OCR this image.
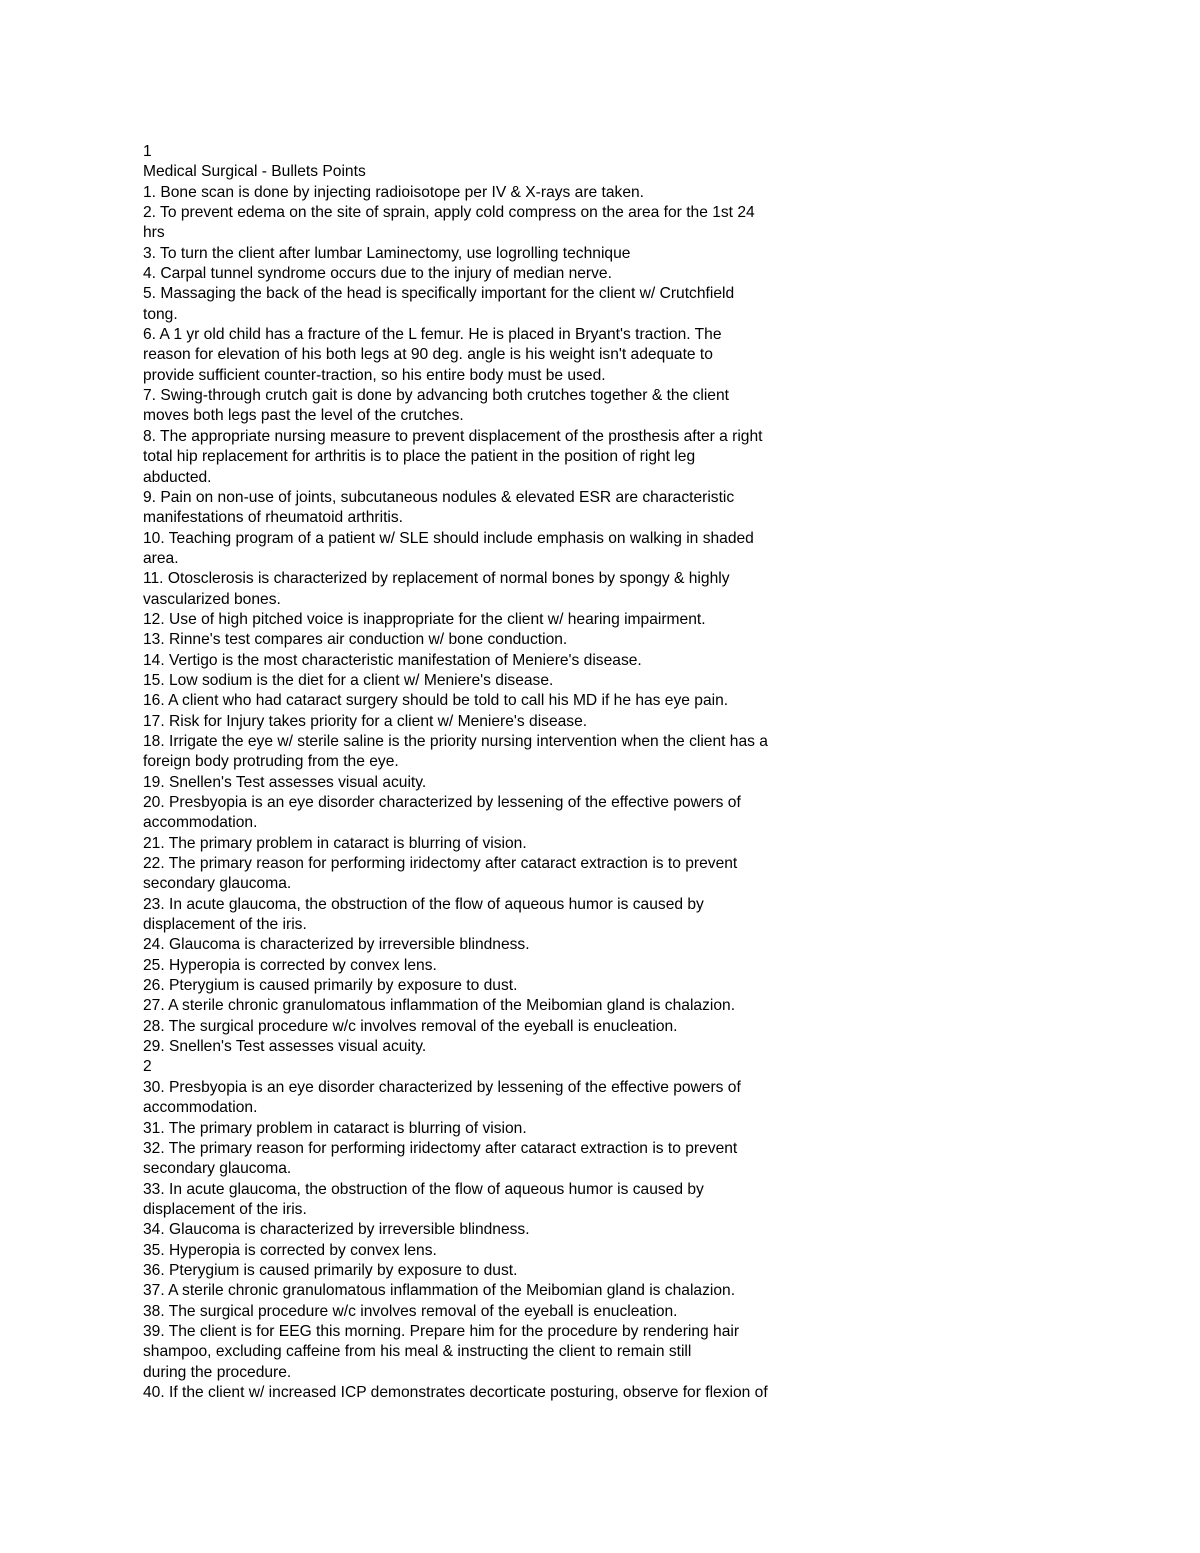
1
Medical Surgical - Bullets Points
1. Bone scan is done by injecting radioisotope per IV & X-rays are taken.
2. To prevent edema on the site of sprain, apply cold compress on the area for the 1st 24
hrs
3. To turn the client after lumbar Laminectomy, use logrolling technique
4. Carpal tunnel syndrome occurs due to the injury of median nerve.
5. Massaging the back of the head is specifically important for the client w/ Crutchfield
tong.
6. A 1 yr old child has a fracture of the L femur. He is placed in Bryant's traction. The
reason for elevation of his both legs at 90 deg. angle is his weight isn't adequate to
provide sufficient counter-traction, so his entire body must be used.
7. Swing-through crutch gait is done by advancing both crutches together & the client
moves both legs past the level of the crutches.
8. The appropriate nursing measure to prevent displacement of the prosthesis after a right
total hip replacement for arthritis is to place the patient in the position of right leg
abducted.
9. Pain on non-use of joints, subcutaneous nodules & elevated ESR are characteristic
manifestations of rheumatoid arthritis.
10. Teaching program of a patient w/ SLE should include emphasis on walking in shaded
area.
11. Otosclerosis is characterized by replacement of normal bones by spongy & highly
vascularized bones.
12. Use of high pitched voice is inappropriate for the client w/ hearing impairment.
13. Rinne's test compares air conduction w/ bone conduction.
14. Vertigo is the most characteristic manifestation of Meniere's disease.
15. Low sodium is the diet for a client w/ Meniere's disease.
16. A client who had cataract surgery should be told to call his MD if he has eye pain.
17. Risk for Injury takes priority for a client w/ Meniere's disease.
18. Irrigate the eye w/ sterile saline is the priority nursing intervention when the client has a
foreign body protruding from the eye.
19. Snellen's Test assesses visual acuity.
20. Presbyopia is an eye disorder characterized by lessening of the effective powers of
accommodation.
21. The primary problem in cataract is blurring of vision.
22. The primary reason for performing iridectomy after cataract extraction is to prevent
secondary glaucoma.
23. In acute glaucoma, the obstruction of the flow of aqueous humor is caused by
displacement of the iris.
24. Glaucoma is characterized by irreversible blindness.
25. Hyperopia is corrected by convex lens.
26. Pterygium is caused primarily by exposure to dust.
27. A sterile chronic granulomatous inflammation of the Meibomian gland is chalazion.
28. The surgical procedure w/c involves removal of the eyeball is enucleation.
29. Snellen's Test assesses visual acuity.
2
30. Presbyopia is an eye disorder characterized by lessening of the effective powers of
accommodation.
31. The primary problem in cataract is blurring of vision.
32. The primary reason for performing iridectomy after cataract extraction is to prevent
secondary glaucoma.
33. In acute glaucoma, the obstruction of the flow of aqueous humor is caused by
displacement of the iris.
34. Glaucoma is characterized by irreversible blindness.
35. Hyperopia is corrected by convex lens.
36. Pterygium is caused primarily by exposure to dust.
37. A sterile chronic granulomatous inflammation of the Meibomian gland is chalazion.
38. The surgical procedure w/c involves removal of the eyeball is enucleation.
39. The client is for EEG this morning. Prepare him for the procedure by rendering hair
shampoo, excluding caffeine from his meal & instructing the client to remain still
during the procedure.
40. If the client w/ increased ICP demonstrates decorticate posturing, observe for flexion of
